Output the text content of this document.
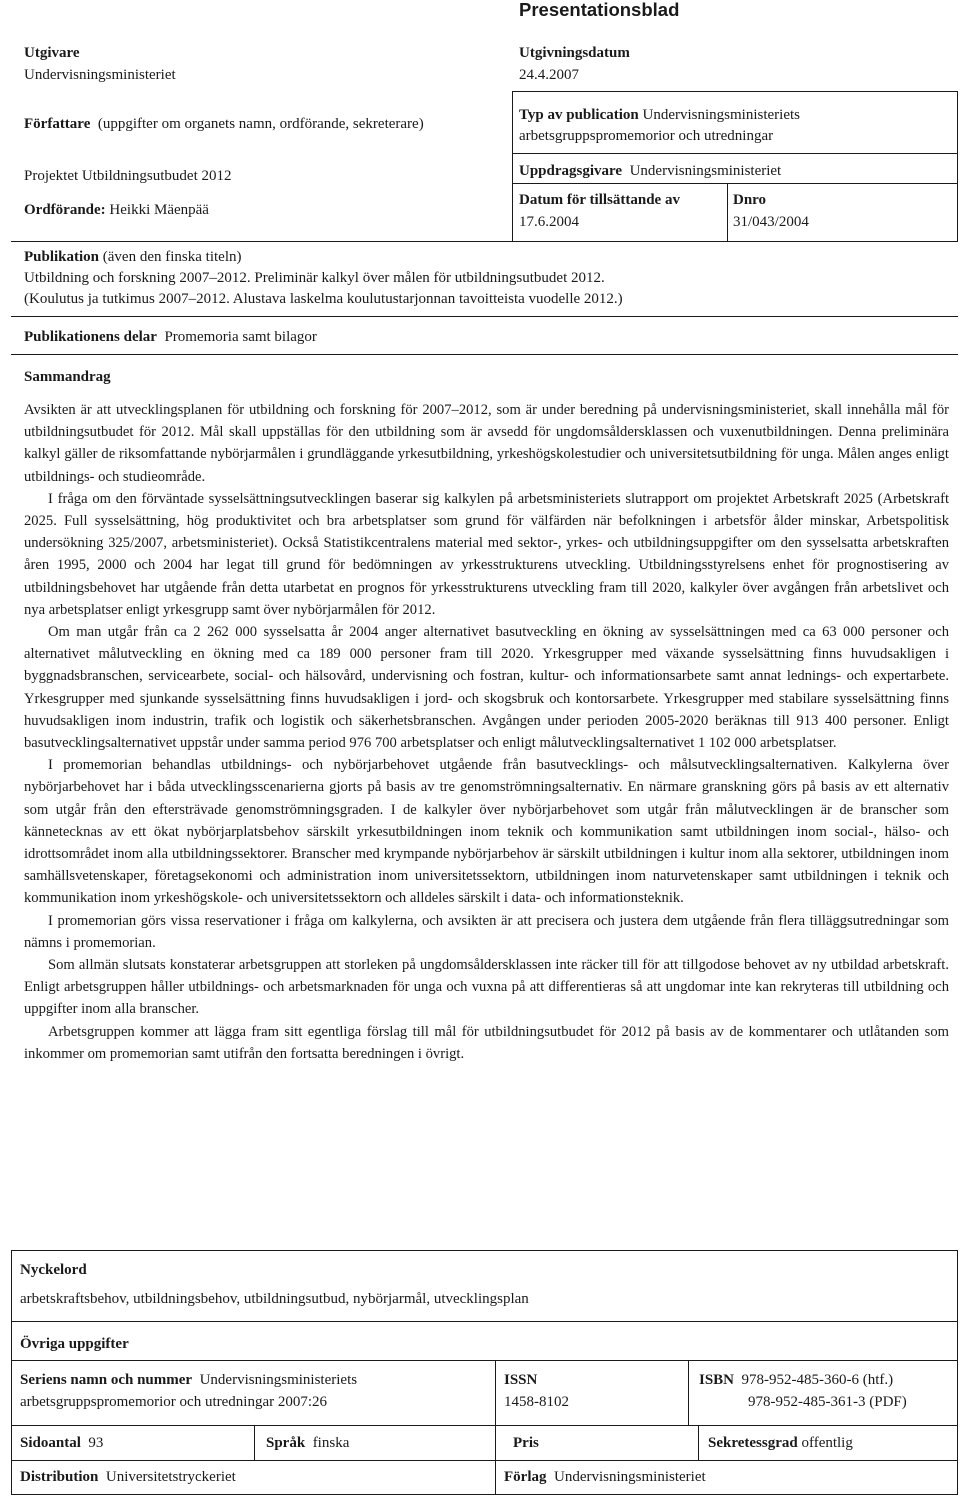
Presentationsblad
Utgivare
Undervisningsministeriet
Utgivningsdatum
24.4.2007
Författare (uppgifter om organets namn, ordförande, sekreterare)
Projektet Utbildningsutbudet 2012
Ordförande: Heikki Mäenpää
Typ av publication Undervisningsministeriets
arbetsgruppspromemorior och utredningar
Uppdragsgivare Undervisningsministeriet
Datum för tillsättande av
17.6.2004
Dnro
31/043/2004
Publikation (även den finska titeln)
Utbildning och forskning 2007–2012. Preliminär kalkyl över målen för utbildningsutbudet 2012.
(Koulutus ja tutkimus 2007–2012. Alustava laskelma koulutustarjonnan tavoitteista vuodelle 2012.)
Publikationens delar Promemoria samt bilagor
Sammandrag

Avsikten är att utvecklingsplanen för utbildning och forskning för 2007–2012, som är under beredning på undervisningsministeriet, skall innehålla mål för utbildningsutbudet för 2012. Mål skall uppställas för den utbildning som är avsedd för ungdomsåldersklassen och vuxenutbildningen. Denna preliminära kalkyl gäller de riksomfattande nybörjarmålen i grundläggande yrkesutbildning, yrkeshögskolestudier och universitetsutbildning för unga. Målen anges enligt utbildnings- och studieområde.

I fråga om den förväntade sysselsättningsutvecklingen baserar sig kalkylen på arbetsministeriets slutrapport om projektet Arbetskraft 2025 (Arbetskraft 2025. Full sysselsättning, hög produktivitet och bra arbetsplatser som grund för välfärden när befolkningen i arbetsför ålder minskar, Arbetspolitisk undersökning 325/2007, arbetsministeriet). Också Statistikcentralens material med sektor-, yrkes- och utbildningsuppgifter om den sysselsatta arbetskraften åren 1995, 2000 och 2004 har legat till grund för bedömningen av yrkesstrukturens utveckling. Utbildningsstyrelsens enhet för prognostisering av utbildningsbehovet har utgående från detta utarbetat en prognos för yrkesstrukturens utveckling fram till 2020, kalkyler över avgången från arbetslivet och nya arbetsplatser enligt yrkesgrupp samt över nybörjarmålen för 2012.

Om man utgår från ca 2 262 000 sysselsatta år 2004 anger alternativet basutveckling en ökning av sysselsättningen med ca 63 000 personer och alternativet målutveckling en ökning med ca 189 000 personer fram till 2020. Yrkesgrupper med växande sysselsättning finns huvudsakligen i byggnadsbranschen, servicearbete, social- och hälsovård, undervisning och fostran, kultur- och informationsarbete samt annat lednings- och expertarbete. Yrkesgrupper med sjunkande sysselsättning finns huvudsakligen i jord- och skogsbruk och kontorsarbete. Yrkesgrupper med stabilare sysselsättning finns huvudsakligen inom industrin, trafik och logistik och säkerhetsbranschen. Avgången under perioden 2005-2020 beräknas till 913 400 personer. Enligt basutvecklingsalternativet uppstår under samma period 976 700 arbetsplatser och enligt målutvecklingsalternativet 1 102 000 arbetsplatser.

I promemorian behandlas utbildnings- och nybörjarbehovet utgående från basutvecklings- och målsutvecklingsalternativen. Kalkylerna över nybörjarbehovet har i båda utvecklingsscenarierna gjorts på basis av tre genomströmningsalternativ. En närmare granskning görs på basis av ett alternativ som utgår från den eftersträvade genomströmningsgraden. I de kalkyler över nybörjarbehovet som utgår från målutvecklingen är de branscher som kännetecknas av ett ökat nybörjarplatsbehov särskilt yrkesutbildningen inom teknik och kommunikation samt utbildningen inom social-, hälso- och idrottsområdet inom alla utbildningssektorer. Branscher med krympande nybörjarbehov är särskilt utbildningen i kultur inom alla sektorer, utbildningen inom samhällsvetenskaper, företagsekonomi och administration inom universitetssektorn, utbildningen inom naturvetenskaper samt utbildningen i teknik och kommunikation inom yrkeshögskole- och universitetssektorn och alldeles särskilt i data- och informationsteknik.

I promemorian görs vissa reservationer i fråga om kalkylerna, och avsikten är att precisera och justera dem utgående från flera tilläggsutredningar som nämns i promemorian.

Som allmän slutsats konstaterar arbetsgruppen att storleken på ungdomsåldersklassen inte räcker till för att tillgodose behovet av ny utbildad arbetskraft. Enligt arbetsgruppen håller utbildnings- och arbetsmarknaden för unga och vuxna på att differentieras så att ungdomar inte kan rekryteras till utbildning och uppgifter inom alla branscher.

Arbetsgruppen kommer att lägga fram sitt egentliga förslag till mål för utbildningsutbudet för 2012 på basis av de kommentarer och utlåtanden som inkommer om promemorian samt utifrån den fortsatta beredningen i övrigt.

Nyckelord
arbetskraftsbehov, utbildningsbehov, utbildningsutbud, nybörjarmål, utvecklingsplan
Övriga uppgifter
Seriens namn och nummer Undervisningsministeriets
arbetsgruppspromemorior och utredningar 2007:26
ISSN
1458-8102
ISBN 978-952-485-360-6 (htf.)
978-952-485-361-3 (PDF)
Sidoantal 93	Språk finska	Pris	Sekretessgrad offentlig
Distribution Universitetstryckeriet	Förlag Undervisningsministeriet
